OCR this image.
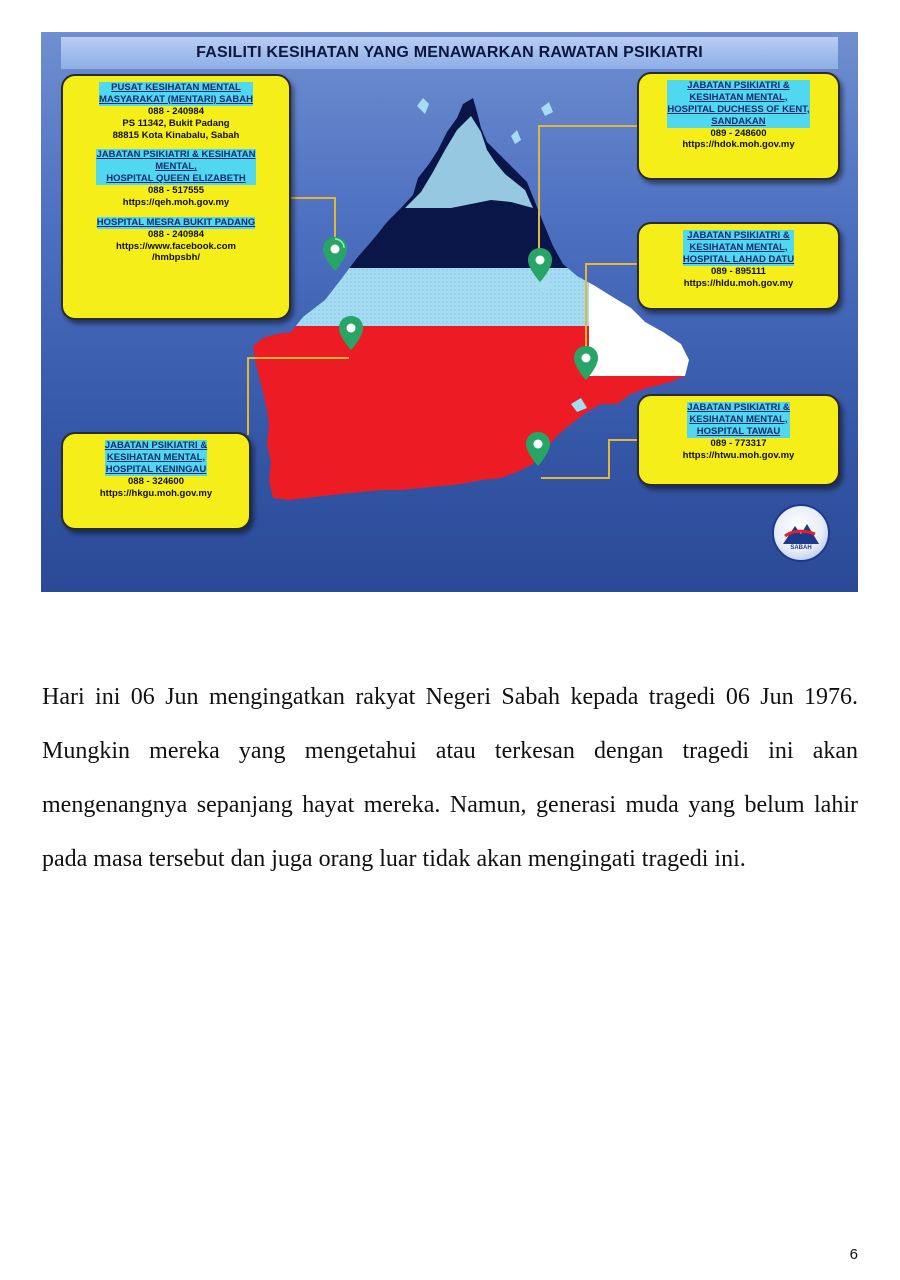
FASILITI KESIHATAN YANG MENAWARKAN RAWATAN PSIKIATRI
PUSAT KESIHATAN MENTAL
MASYARAKAT (MENTARI) SABAH
088 - 240984
PS 11342, Bukit Padang
88815 Kota Kinabalu, Sabah
JABATAN PSIKIATRI & KESIHATAN
MENTAL,
HOSPITAL QUEEN ELIZABETH
088 - 517555
https://qeh.moh.gov.my
HOSPITAL MESRA BUKIT PADANG
088 - 240984
https://www.facebook.com
/hmbpsbh/
JABATAN PSIKIATRI &
KESIHATAN MENTAL,
HOSPITAL KENINGAU
088 - 324600
https://hkgu.moh.gov.my
JABATAN PSIKIATRI &
KESIHATAN MENTAL,
HOSPITAL DUCHESS OF KENT,
SANDAKAN
089 - 248600
https://hdok.moh.gov.my
JABATAN PSIKIATRI &
KESIHATAN MENTAL,
HOSPITAL LAHAD DATU
089 - 895111
https://hldu.moh.gov.my
JABATAN PSIKIATRI &
KESIHATAN MENTAL,
HOSPITAL TAWAU
089 - 773317
https://htwu.moh.gov.my
SABAH

Hari ini 06 Jun mengingatkan rakyat Negeri Sabah kepada tragedi 06 Jun 1976. Mungkin mereka yang mengetahui atau terkesan dengan tragedi ini akan mengenangnya sepanjang hayat mereka. Namun, generasi muda yang belum lahir pada masa tersebut dan juga orang luar tidak akan mengingati tragedi ini.

6
